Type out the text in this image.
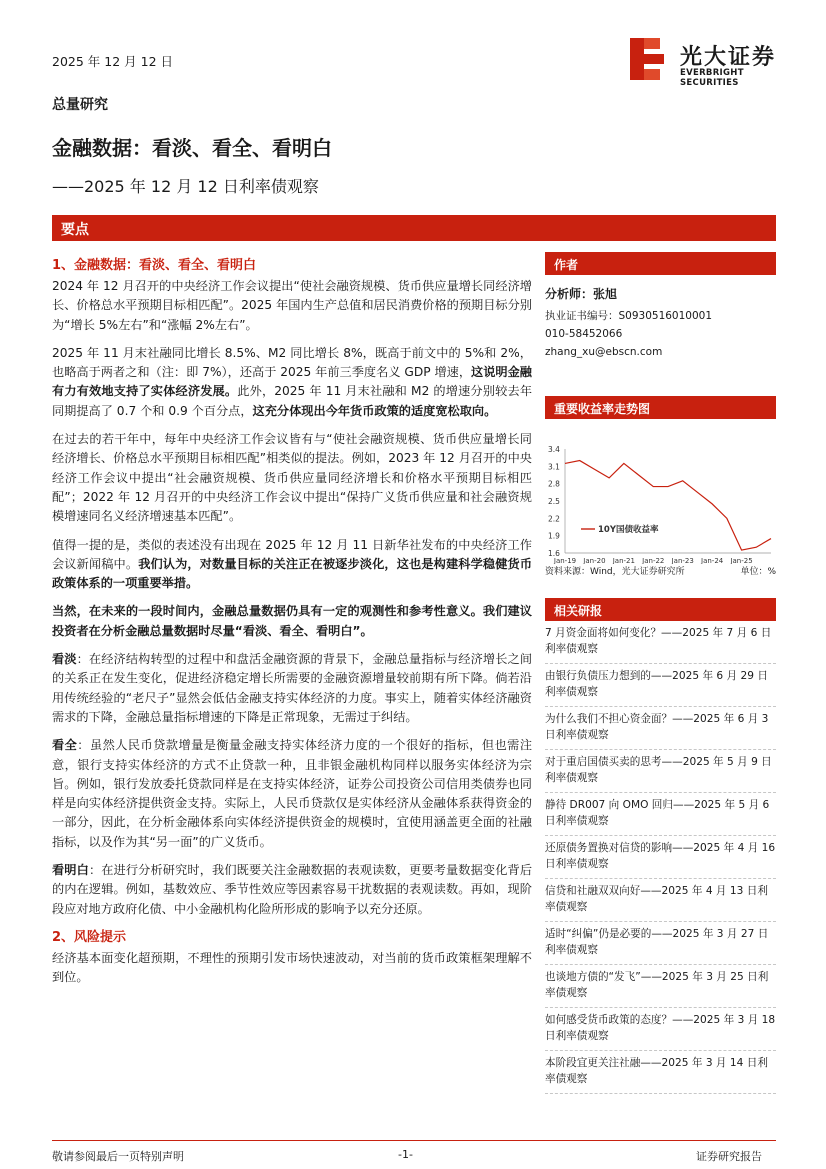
2025 年 12 月 12 日	光大证券
EVERBRIGHT SECURITIES
总量研究
金融数据：看淡、看全、看明白
——2025 年 12 月 12 日利率债观察
要点
1、金融数据：看淡、看全、看明白

2024 年 12 月召开的中央经济工作会议提出“使社会融资规模、货币供应量增长同经济增长、价格总水平预期目标相匹配”。2025 年国内生产总值和居民消费价格的预期目标分别为“增长 5%左右”和“涨幅 2%左右”。

2025 年 11 月末社融同比增长 8.5%、M2 同比增长 8%，既高于前文中的 5%和 2%，也略高于两者之和（注：即 7%），还高于 2025 年前三季度名义 GDP 增速，这说明金融有力有效地支持了实体经济发展。此外，2025 年 11 月末社融和 M2 的增速分别较去年同期提高了 0.7 个和 0.9 个百分点，这充分体现出今年货币政策的适度宽松取向。

在过去的若干年中，每年中央经济工作会议皆有与“使社会融资规模、货币供应量增长同经济增长、价格总水平预期目标相匹配”相类似的提法。例如，2023 年 12 月召开的中央经济工作会议中提出“社会融资规模、货币供应量同经济增长和价格水平预期目标相匹配”；2022 年 12 月召开的中央经济工作会议中提出“保持广义货币供应量和社会融资规模增速同名义经济增速基本匹配”。

值得一提的是，类似的表述没有出现在 2025 年 12 月 11 日新华社发布的中央经济工作会议新闻稿中。我们认为，对数量目标的关注正在被逐步淡化，这也是构建科学稳健货币政策体系的一项重要举措。

当然，在未来的一段时间内，金融总量数据仍具有一定的观测性和参考性意义。我们建议投资者在分析金融总量数据时尽量“看淡、看全、看明白”。

看淡：在经济结构转型的过程中和盘活金融资源的背景下，金融总量指标与经济增长之间的关系正在发生变化，促进经济稳定增长所需要的金融资源增量较前期有所下降。倘若沿用传统经验的“老尺子”显然会低估金融支持实体经济的力度。事实上，随着实体经济融资需求的下降，金融总量指标增速的下降是正常现象，无需过于纠结。

看全：虽然人民币贷款增量是衡量金融支持实体经济力度的一个很好的指标，但也需注意，银行支持实体经济的方式不止贷款一种，且非银金融机构同样以服务实体经济为宗旨。例如，银行发放委托贷款同样是在支持实体经济，证券公司投资公司信用类债券也同样是向实体经济提供资金支持。实际上，人民币贷款仅是实体经济从金融体系获得资金的一部分，因此，在分析金融体系向实体经济提供资金的规模时，宜使用涵盖更全面的社融指标，以及作为其“另一面”的广义货币。

看明白：在进行分析研究时，我们既要关注金融数据的表观读数，更要考量数据变化背后的内在逻辑。例如，基数效应、季节性效应等因素容易干扰数据的表观读数。再如，现阶段应对地方政府化债、中小金融机构化险所形成的影响予以充分还原。

2、风险提示

经济基本面变化超预期，不理性的预期引发市场快速波动，对当前的货币政策框架理解不到位。

作者
分析师：张旭
执业证书编号：S0930516010001
010-58452066
zhang_xu@ebscn.com
重要收益率走势图
1.6
1.9
2.2
2.5
2.8
3.1
3.4
Jan-19 Jan-20 Jan-21 Jan-22 Jan-23 Jan-24 Jan-25
10Y国债收益率
资料来源：Wind，光大证券研究所	单位：%
相关研报
7 月资金面将如何变化？——2025 年 7 月 6 日利率债观察
由银行负债压力想到的——2025 年 6 月 29 日利率债观察
为什么我们不担心资金面？——2025 年 6 月 3 日利率债观察
对于重启国债买卖的思考——2025 年 5 月 9 日利率债观察
静待 DR007 向 OMO 回归——2025 年 5 月 6 日利率债观察
还原债务置换对信贷的影响——2025 年 4 月 16 日利率债观察
信贷和社融双双向好——2025 年 4 月 13 日利率债观察
适时“纠偏”仍是必要的——2025 年 3 月 27 日利率债观察
也谈地方债的“发飞”——2025 年 3 月 25 日利率债观察
如何感受货币政策的态度？——2025 年 3 月 18 日利率债观察
本阶段宜更关注社融——2025 年 3 月 14 日利率债观察
敬请参阅最后一页特别声明	-1-	证券研究报告
